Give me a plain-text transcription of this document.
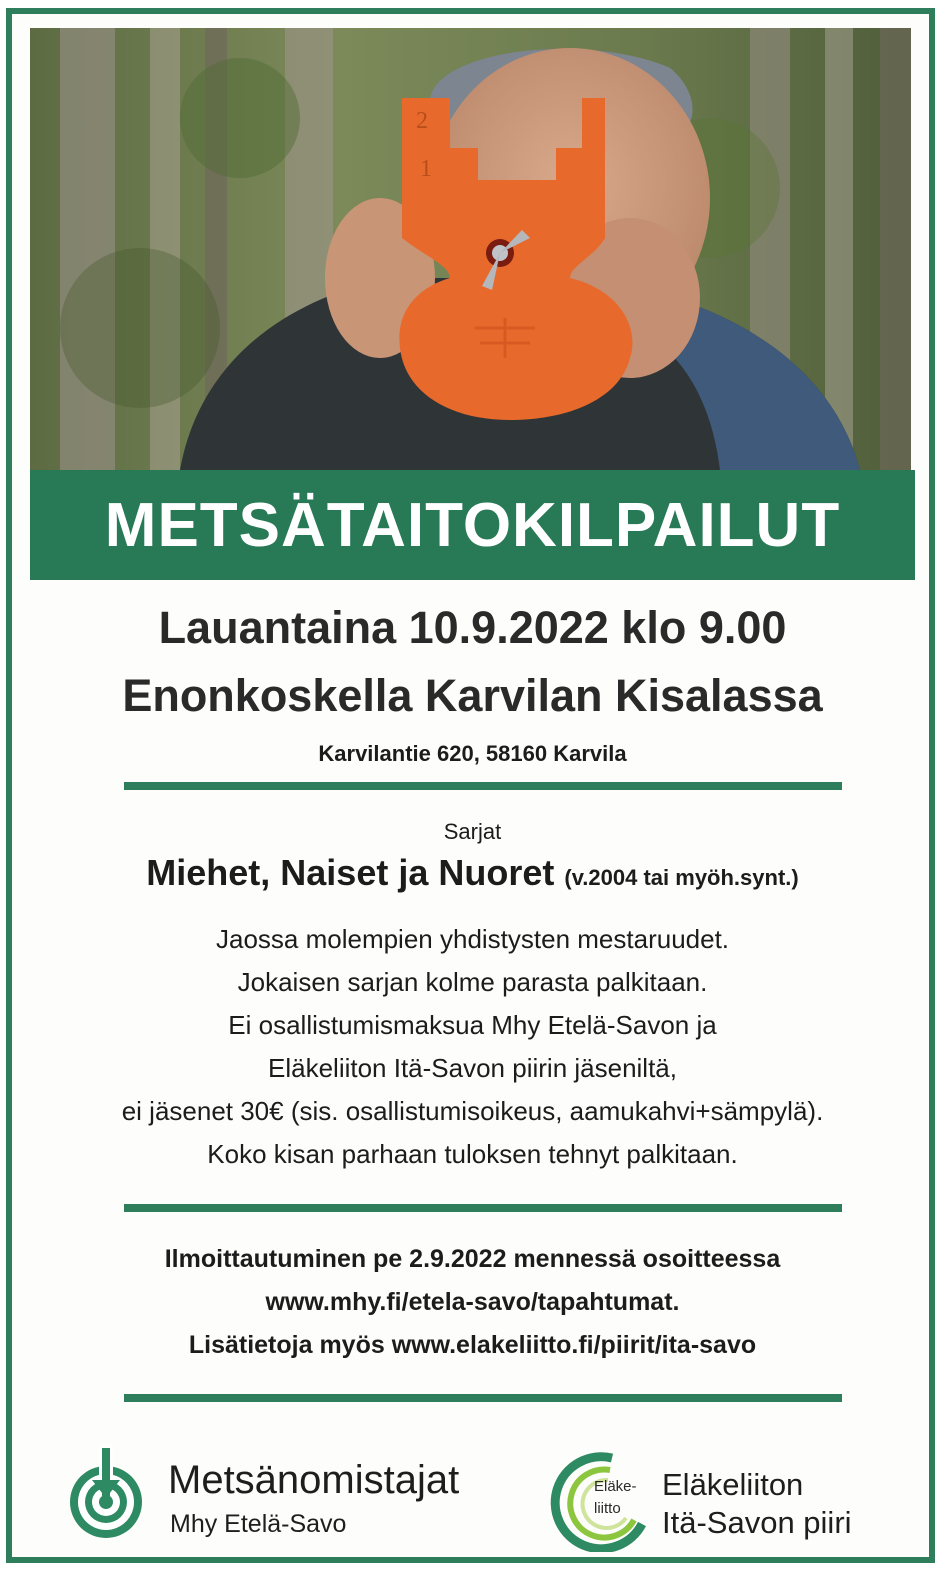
2
1
METSÄTAITOKILPAILUT
Lauantaina 10.9.2022 klo 9.00
Enonkoskella Karvilan Kisalassa
Karvilantie 620, 58160 Karvila
Sarjat
Miehet, Naiset ja Nuoret (v.2004 tai myöh.synt.)
Jaossa molempien yhdistysten mestaruudet.
Jokaisen sarjan kolme parasta palkitaan.
Ei osallistumismaksua Mhy Etelä-Savon ja
Eläkeliiton Itä-Savon piirin jäseniltä,
ei jäsenet 30€ (sis. osallistumisoikeus, aamukahvi+sämpylä).
Koko kisan parhaan tuloksen tehnyt palkitaan.
Ilmoittautuminen pe 2.9.2022 mennessä osoitteessa
www.mhy.fi/etela-savo/tapahtumat.
Lisätietoja myös www.elakeliitto.fi/piirit/ita-savo
Metsänomistajat
Mhy Etelä-Savo
Eläke-
liitto
Eläkeliiton
Itä-Savon piiri
